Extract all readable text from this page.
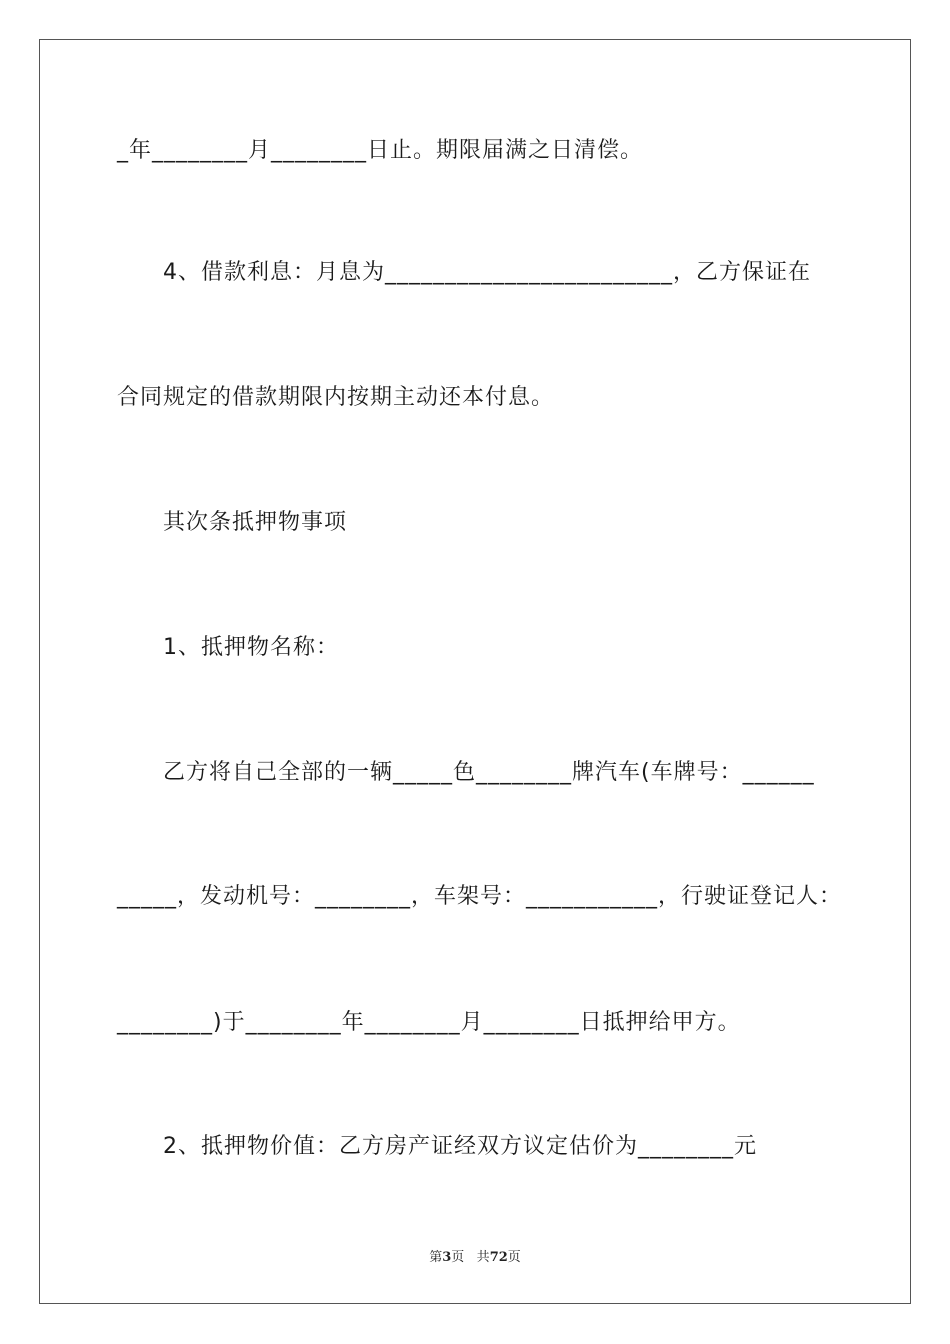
_年________月________日止。期限届满之日清偿。
4、借款利息：月息为________________________，乙方保证在
合同规定的借款期限内按期主动还本付息。
其次条抵押物事项
1、抵押物名称：
乙方将自己全部的一辆_____色________牌汽车(车牌号：______
_____，发动机号：________，车架号：___________，行驶证登记人：
________)于________年________月________日抵押给甲方。
2、抵押物价值：乙方房产证经双方议定估价为________元
第3页 共72页
